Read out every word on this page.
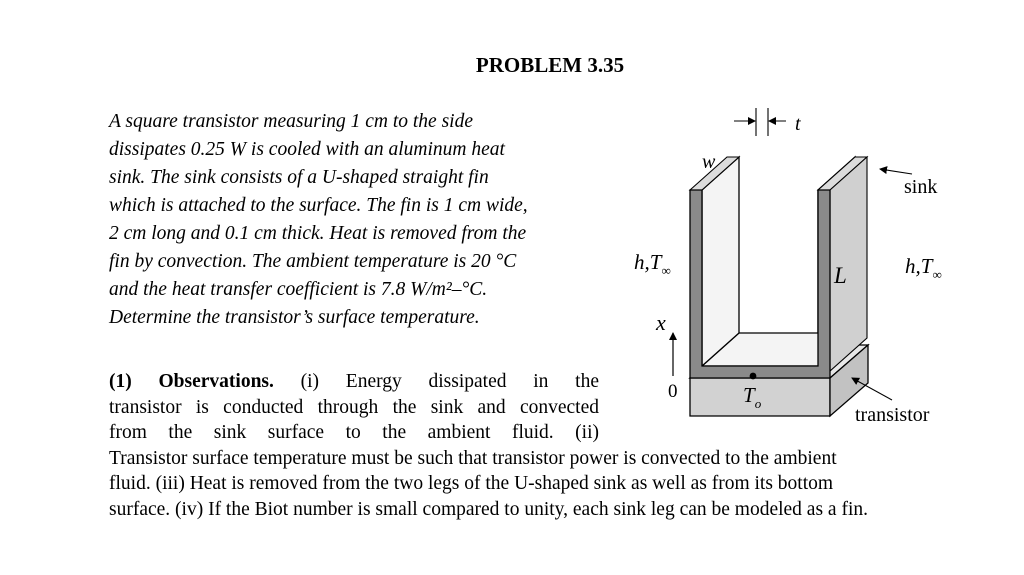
PROBLEM 3.35
A square transistor measuring 1 cm to the side
dissipates 0.25 W is cooled with an aluminum heat
sink. The sink consists of a U-shaped straight fin
which is attached to the surface. The fin is 1 cm wide,
2 cm long and 0.1 cm thick. Heat is removed from the
fin by convection. The ambient temperature is 20 °C
and the heat transfer coefficient is 7.8 W/m²–°C.
Determine the transistor’s surface temperature.
(1) Observations. (i) Energy dissipated in the
transistor is conducted through the sink and convected
from the sink surface to the ambient fluid. (ii)
Transistor surface temperature must be such that transistor power is convected to the ambient
fluid. (iii) Heat is removed from the two legs of the U-shaped sink as well as from its bottom
surface. (iv) If the Biot number is small compared to unity, each sink leg can be modeled as a fin.
t
w
sink
$h,T_\infty$	$h,T_\infty$
L
x
0	$T_o$
transistor
